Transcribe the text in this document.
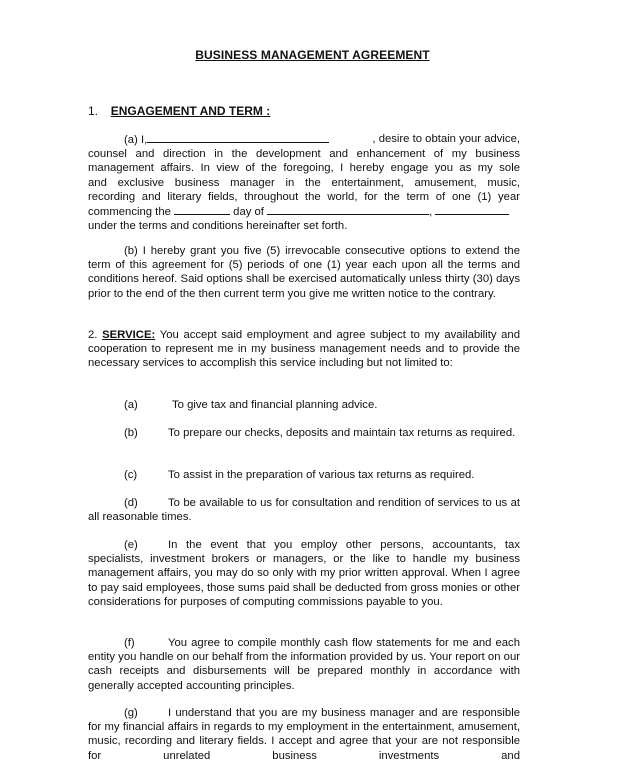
BUSINESS MANAGEMENT AGREEMENT
1. ENGAGEMENT AND TERM :
(a) I,	, desire to obtain your advice,

counsel and direction in the development and enhancement of my business

management affairs. In view of the foregoing, I hereby engage you as my sole

and exclusive business manager in the entertainment, amusement, music,

recording and literary fields, throughout the world, for the term of one (1) year

commencing the	day of	,
under the terms and conditions hereinafter set forth.

(b) I hereby grant you five (5) irrevocable consecutive options to extend the term of this agreement for (5) periods of one (1) year each upon all the terms and conditions hereof. Said options shall be exercised automatically unless thirty (30) days prior to the end of the then current term you give me written notice to the contrary.

2. SERVICE: You accept said employment and agree subject to my availability and cooperation to represent me in my business management needs and to provide the necessary services to accomplish this service including but not limited to:

(a)	To give tax and financial planning advice.

(b)	To prepare our checks, deposits and maintain tax returns as required.

(c)	To assist in the preparation of various tax returns as required.

(d)	To be available to us for consultation and rendition of services to us at all reasonable times.

(e)	In the event that you employ other persons, accountants, tax specialists, investment brokers or managers, or the like to handle my business management affairs, you may do so only with my prior written approval. When I agree to pay said employees, those sums paid shall be deducted from gross monies or other considerations for purposes of computing commissions payable to you.

(f)	You agree to compile monthly cash flow statements for me and each entity you handle on our behalf from the information provided by us. Your report on our cash receipts and disbursements will be prepared monthly in accordance with generally accepted accounting principles.

(g)	I understand that you are my business manager and are responsible for my financial affairs in regards to my employment in the entertainment, amusement, music, recording and literary fields. I accept and agree that your are not responsible for unrelated business investments and
